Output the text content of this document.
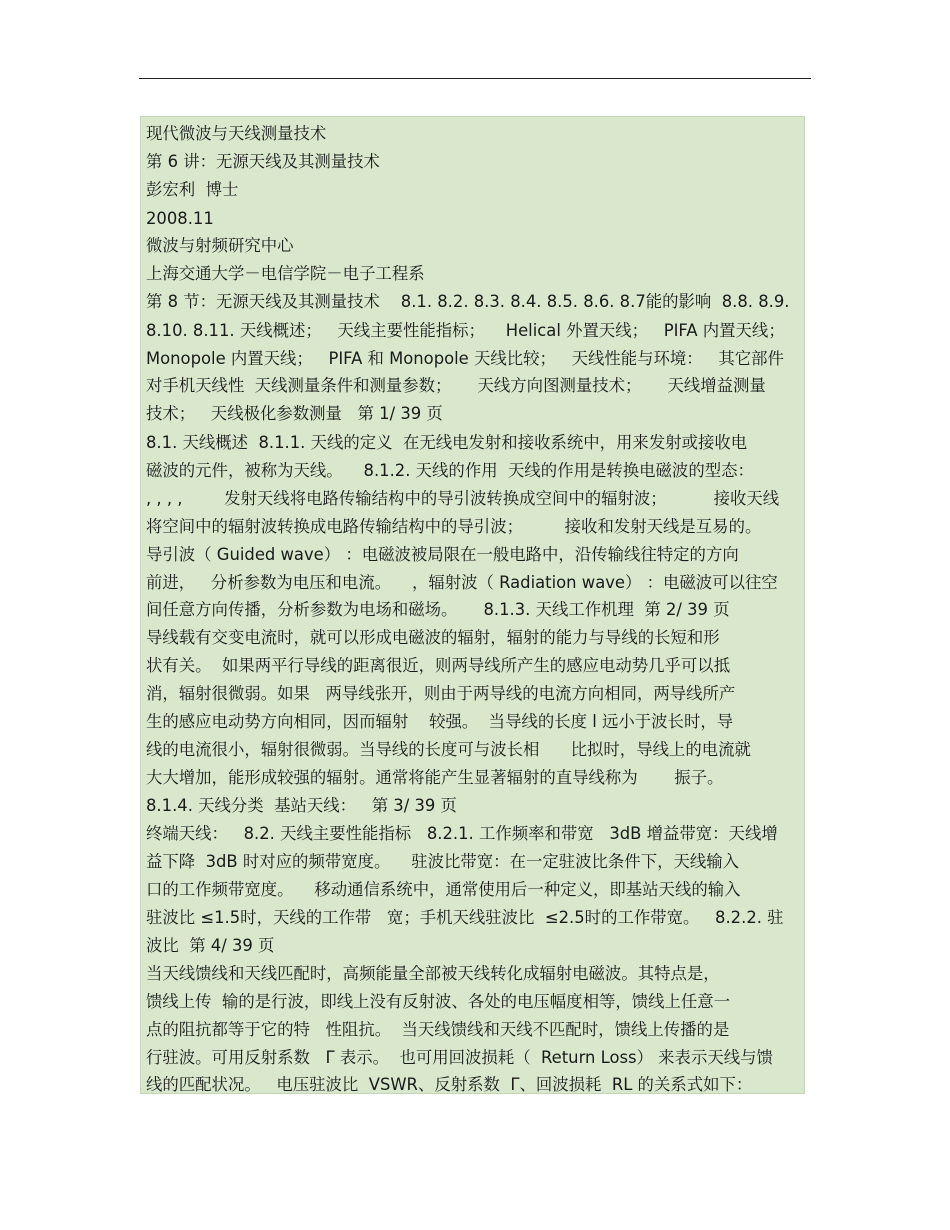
现代微波与天线测量技术
第 6 讲：无源天线及其测量技术
彭宏利  博士
2008.11
微波与射频研究中心
上海交通大学－电信学院－电子工程系
第 8 节：无源天线及其测量技术    8.1. 8.2. 8.3. 8.4. 8.5. 8.6. 8.7能的影响  8.8. 8.9.
8.10. 8.11. 天线概述；   天线主要性能指标；    Helical 外置天线；   PIFA 内置天线；
Monopole 内置天线；   PIFA 和 Monopole 天线比较；   天线性能与环境：   其它部件
对手机天线性  天线测量条件和测量参数；     天线方向图测量技术；     天线增益测量
技术；   天线极化参数测量   第 1/ 39 页
8.1. 天线概述  8.1.1. 天线的定义  在无线电发射和接收系统中，用来发射或接收电
磁波的元件，被称为天线。    8.1.2. 天线的作用  天线的作用是转换电磁波的型态：
, , , ,        发射天线将电路传输结构中的导引波转换成空间中的辐射波；         接收天线
将空间中的辐射波转换成电路传输结构中的导引波；        接收和发射天线是互易的。
导引波（ Guided wave） ：电磁波被局限在一般电路中，沿传输线往特定的方向
前进，   分析参数为电压和电流。    ，辐射波（ Radiation wave） ：电磁波可以往空
间任意方向传播，分析参数为电场和磁场。     8.1.3. 天线工作机理  第 2/ 39 页
导线载有交变电流时，就可以形成电磁波的辐射，辐射的能力与导线的长短和形
状有关。  如果两平行导线的距离很近，则两导线所产生的感应电动势几乎可以抵
消，辐射很微弱。如果   两导线张开，则由于两导线的电流方向相同，两导线所产
生的感应电动势方向相同，因而辐射    较强。  当导线的长度 l 远小于波长时，导
线的电流很小，辐射很微弱。当导线的长度可与波长相      比拟时，导线上的电流就
大大增加，能形成较强的辐射。通常将能产生显著辐射的直导线称为       振子。
8.1.4. 天线分类  基站天线：   第 3/ 39 页
终端天线：   8.2. 天线主要性能指标   8.2.1. 工作频率和带宽   3dB 增益带宽：天线增
益下降  3dB 时对应的频带宽度。    驻波比带宽：在一定驻波比条件下，天线输入
口的工作频带宽度。    移动通信系统中，通常使用后一种定义，即基站天线的输入
驻波比 ≤1.5时，天线的工作带   宽；手机天线驻波比  ≤2.5时的工作带宽。   8.2.2. 驻
波比  第 4/ 39 页
当天线馈线和天线匹配时，高频能量全部被天线转化成辐射电磁波。其特点是，
馈线上传  输的是行波，即线上没有反射波、各处的电压幅度相等，馈线上任意一
点的阻抗都等于它的特   性阻抗。  当天线馈线和天线不匹配时，馈线上传播的是
行驻波。可用反射系数   Γ 表示。  也可用回波损耗（  Return Loss） 来表示天线与馈
线的匹配状况。   电压驻波比  VSWR、反射系数  Γ、回波损耗  RL 的关系式如下：
